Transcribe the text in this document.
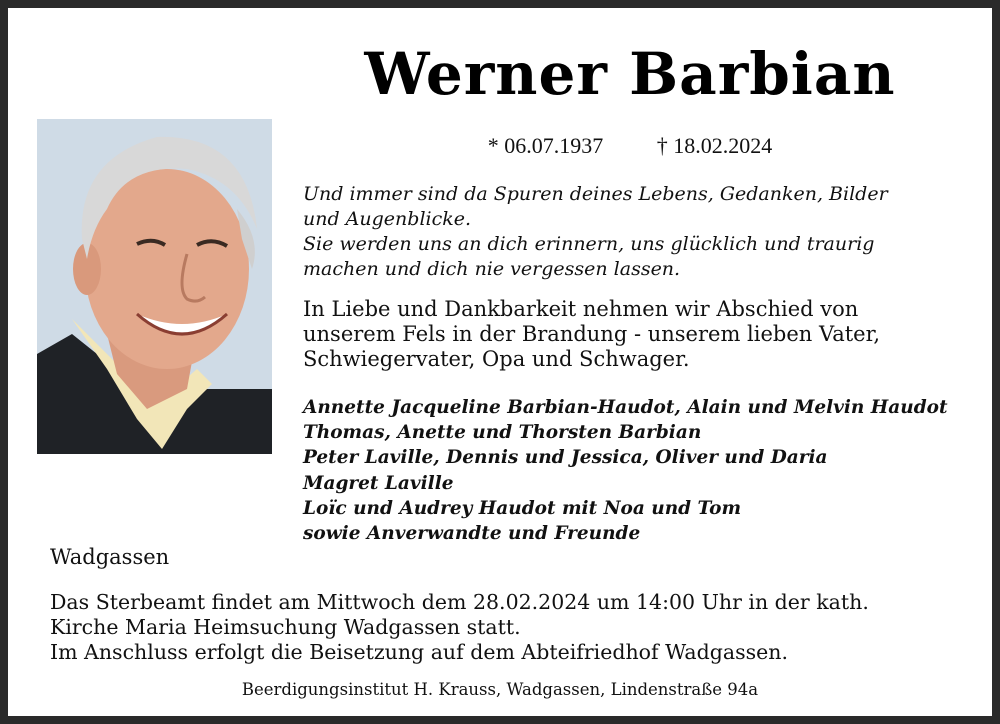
Werner Barbian
* 06.07.1937 † 18.02.2024

Und immer sind da Spuren deines Lebens, Gedanken, Bilder

und Augenblicke.

Sie werden uns an dich erinnern, uns glücklich und traurig

machen und dich nie vergessen lassen.

In Liebe und Dankbarkeit nehmen wir Abschied von
unserem Fels in der Brandung - unserem lieben Vater,
Schwiegervater, Opa und Schwager.
Annette Jacqueline Barbian-Haudot, Alain und Melvin Haudot
Thomas, Anette und Thorsten Barbian
Peter Laville, Dennis und Jessica, Oliver und Daria
Magret Laville
Loïc und Audrey Haudot mit Noa und Tom
sowie Anverwandte und Freunde
Wadgassen
Das Sterbeamt findet am Mittwoch dem 28.02.2024 um 14:00 Uhr in der kath.
Kirche Maria Heimsuchung Wadgassen statt.
Im Anschluss erfolgt die Beisetzung auf dem Abteifriedhof Wadgassen.
Beerdigungsinstitut H. Krauss, Wadgassen, Lindenstraße 94a
